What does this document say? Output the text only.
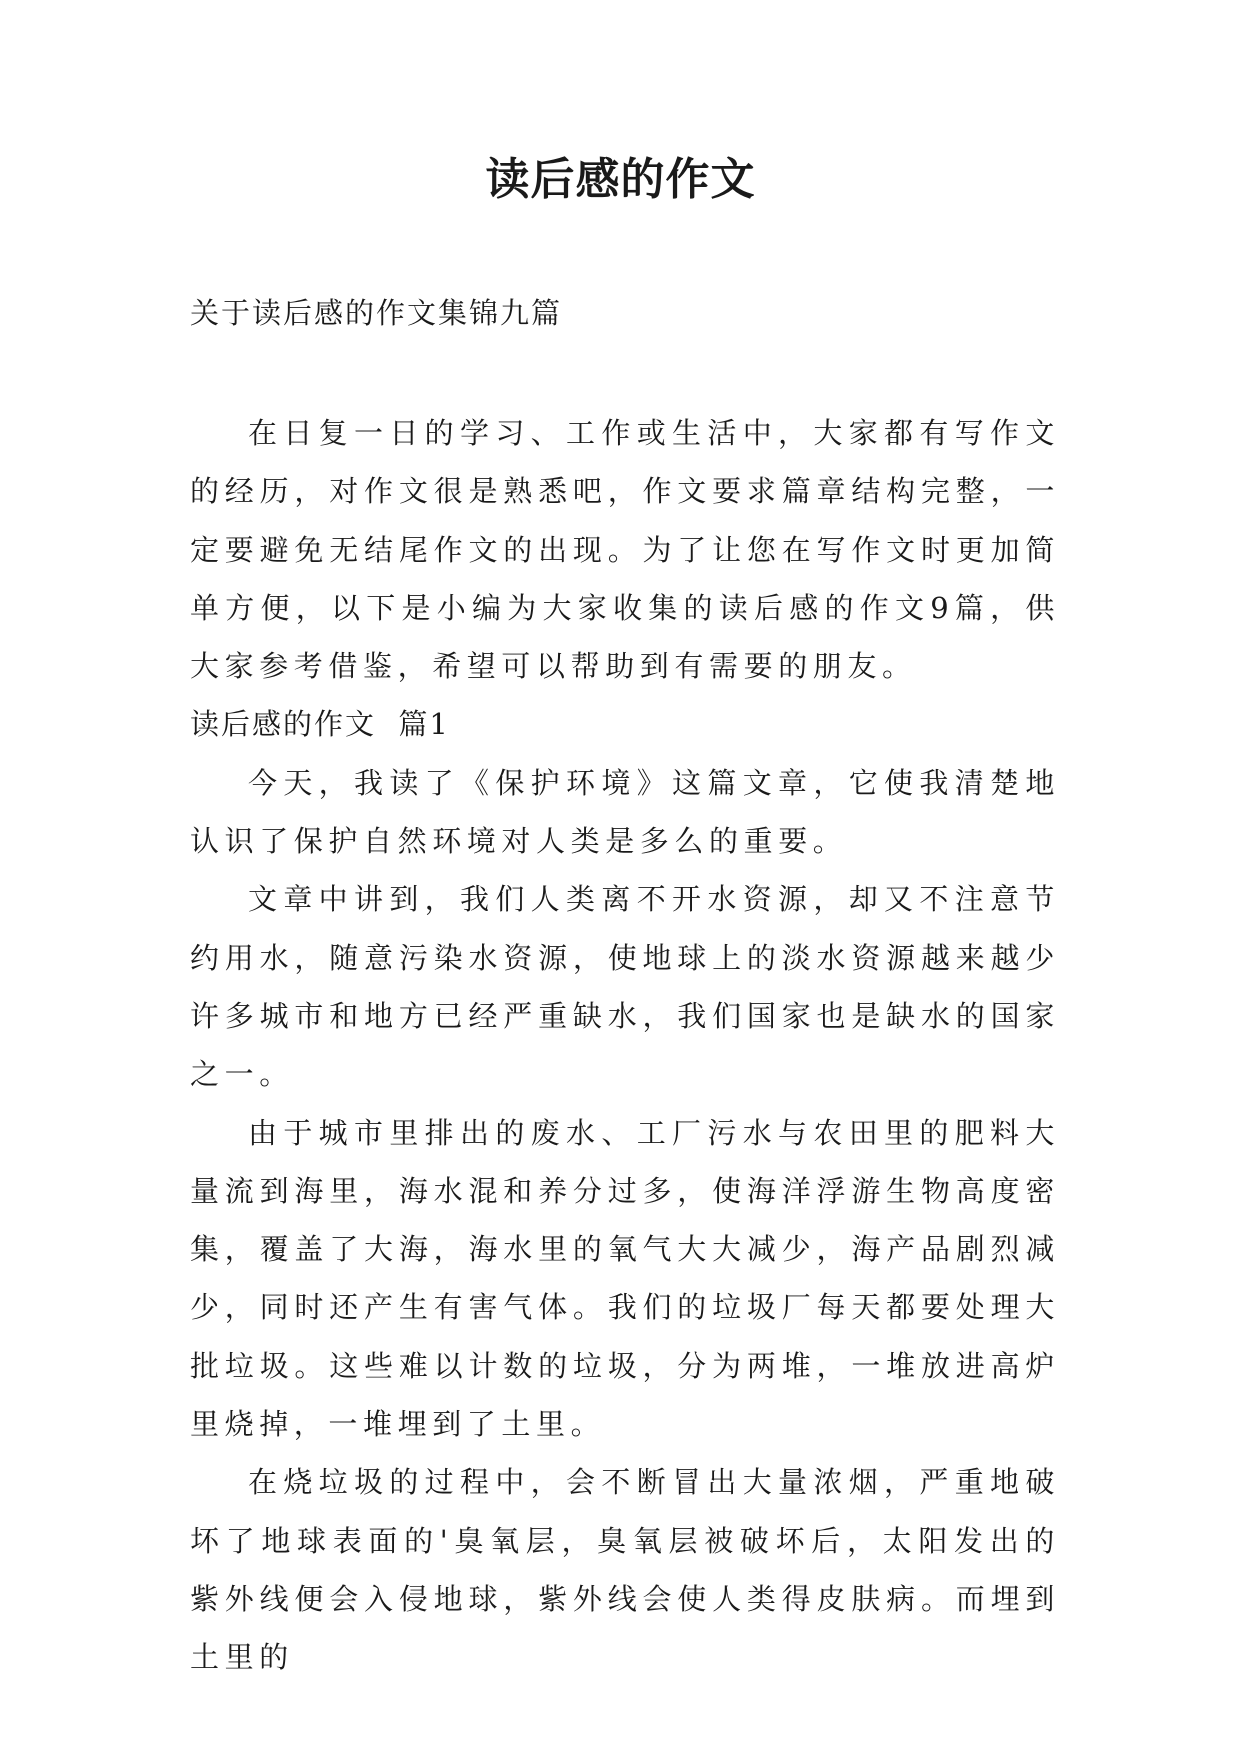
读后感的作文

关于读后感的作文集锦九篇

在日复一日的学习、工作或生活中，大家都有写作文的经历，对作文很是熟悉吧，作文要求篇章结构完整，一定要避免无结尾作文的出现。为了让您在写作文时更加简单方便，以下是小编为大家收集的读后感的作文9篇，供大家参考借鉴，希望可以帮助到有需要的朋友。

读后感的作文  篇1

今天，我读了《保护环境》这篇文章，它使我清楚地认识了保护自然环境对人类是多么的重要。

文章中讲到，我们人类离不开水资源，却又不注意节约用水，随意污染水资源，使地球上的淡水资源越来越少许多城市和地方已经严重缺水，我们国家也是缺水的国家之一。

由于城市里排出的废水、工厂污水与农田里的肥料大量流到海里，海水混和养分过多，使海洋浮游生物高度密集，覆盖了大海，海水里的氧气大大减少，海产品剧烈减少，同时还产生有害气体。我们的垃圾厂每天都要处理大批垃圾。这些难以计数的垃圾，分为两堆，一堆放进高炉里烧掉，一堆埋到了土里。

在烧垃圾的过程中，会不断冒出大量浓烟，严重地破坏了地球表面的'臭氧层，臭氧层被破坏后，太阳发出的紫外线便会入侵地球，紫外线会使人类得皮肤病。而埋到土里的
